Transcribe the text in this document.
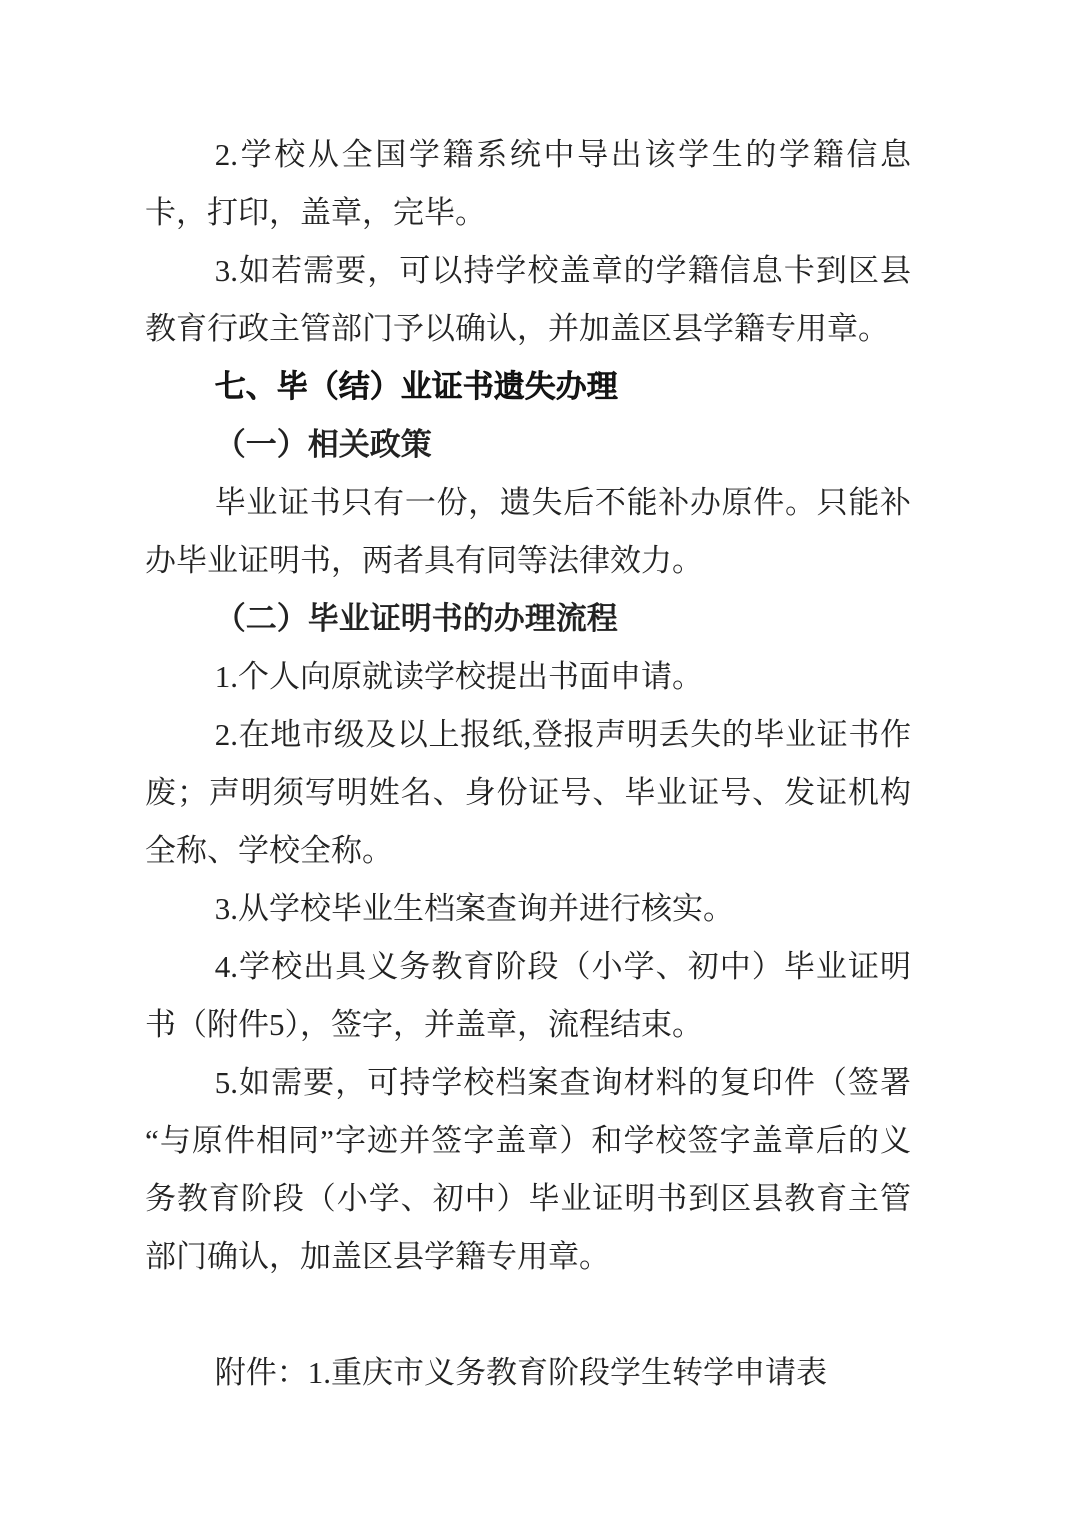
2.学校从全国学籍系统中导出该学生的学籍信息卡，打印，盖章，完毕。

3.如若需要，可以持学校盖章的学籍信息卡到区县教育行政主管部门予以确认，并加盖区县学籍专用章。

七、毕（结）业证书遗失办理

（一）相关政策

毕业证书只有一份，遗失后不能补办原件。只能补办毕业证明书，两者具有同等法律效力。

（二）毕业证明书的办理流程

1.个人向原就读学校提出书面申请。

2.在地市级及以上报纸,登报声明丢失的毕业证书作废；声明须写明姓名、身份证号、毕业证号、发证机构全称、学校全称。

3.从学校毕业生档案查询并进行核实。

4.学校出具义务教育阶段（小学、初中）毕业证明书（附件5），签字，并盖章，流程结束。

5.如需要，可持学校档案查询材料的复印件（签署“与原件相同”字迹并签字盖章）和学校签字盖章后的义务教育阶段（小学、初中）毕业证明书到区县教育主管部门确认，加盖区县学籍专用章。

附件：1.重庆市义务教育阶段学生转学申请表
